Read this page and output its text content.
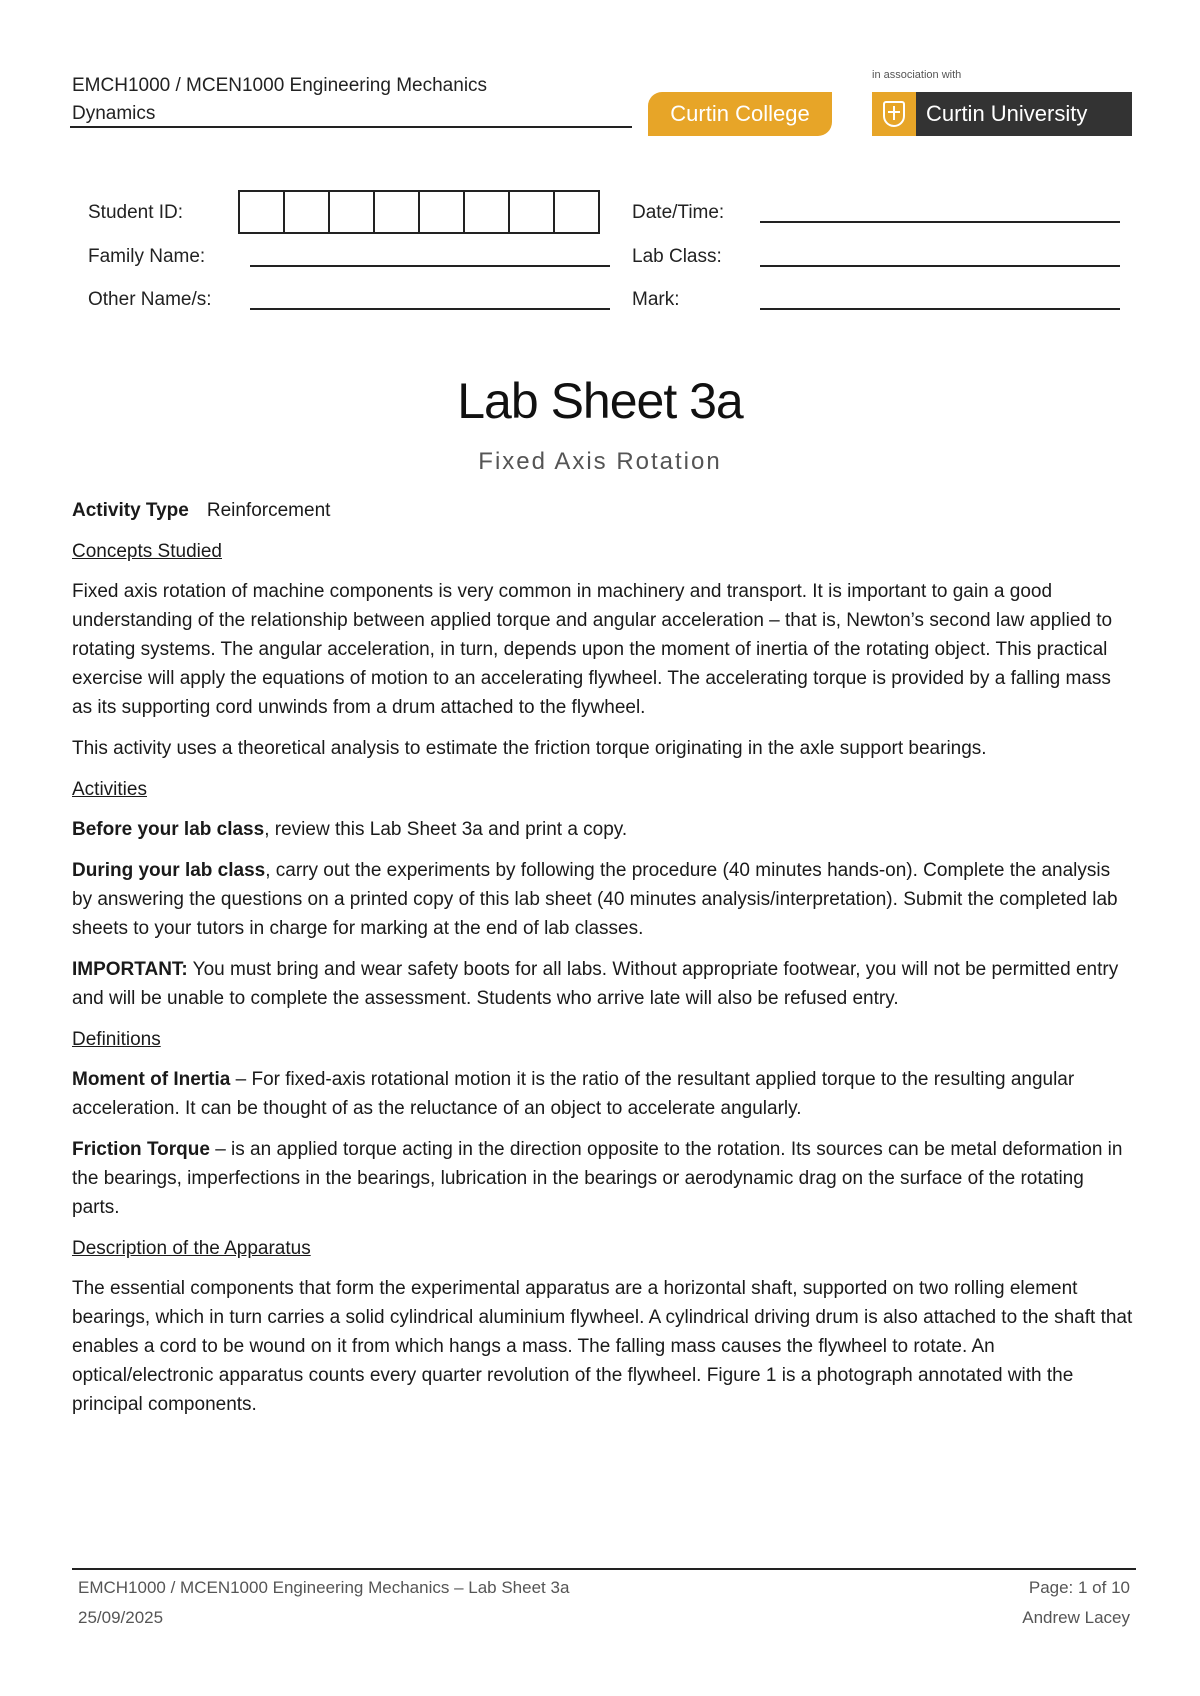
EMCH1000 / MCEN1000 Engineering Mechanics
Dynamics	Curtin College
in association with
Curtin University
Student ID:
Family Name:
Other Name/s:
Date/Time:
Lab Class:
Mark:
Lab Sheet 3a
Fixed Axis Rotation
Activity Type Reinforcement

Concepts Studied

Fixed axis rotation of machine components is very common in machinery and transport. It is important to gain a good understanding of the relationship between applied torque and angular acceleration – that is, Newton’s second law applied to rotating systems. The angular acceleration, in turn, depends upon the moment of inertia of the rotating object. This practical exercise will apply the equations of motion to an accelerating flywheel. The accelerating torque is provided by a falling mass as its supporting cord unwinds from a drum attached to the flywheel.

This activity uses a theoretical analysis to estimate the friction torque originating in the axle support bearings.

Activities

Before your lab class, review this Lab Sheet 3a and print a copy.

During your lab class, carry out the experiments by following the procedure (40 minutes hands-on). Complete the analysis by answering the questions on a printed copy of this lab sheet (40 minutes analysis/interpretation). Submit the completed lab sheets to your tutors in charge for marking at the end of lab classes.

IMPORTANT: You must bring and wear safety boots for all labs. Without appropriate footwear, you will not be permitted entry and will be unable to complete the assessment. Students who arrive late will also be refused entry.

Definitions

Moment of Inertia – For fixed-axis rotational motion it is the ratio of the resultant applied torque to the resulting angular acceleration. It can be thought of as the reluctance of an object to accelerate angularly.

Friction Torque – is an applied torque acting in the direction opposite to the rotation. Its sources can be metal deformation in the bearings, imperfections in the bearings, lubrication in the bearings or aerodynamic drag on the surface of the rotating parts.

Description of the Apparatus

The essential components that form the experimental apparatus are a horizontal shaft, supported on two rolling element bearings, which in turn carries a solid cylindrical aluminium flywheel. A cylindrical driving drum is also attached to the shaft that enables a cord to be wound on it from which hangs a mass. The falling mass causes the flywheel to rotate. An optical/electronic apparatus counts every quarter revolution of the flywheel. Figure 1 is a photograph annotated with the principal components.

EMCH1000 / MCEN1000 Engineering Mechanics – Lab Sheet 3a
25/09/2025
Page: 1 of 10
Andrew Lacey
